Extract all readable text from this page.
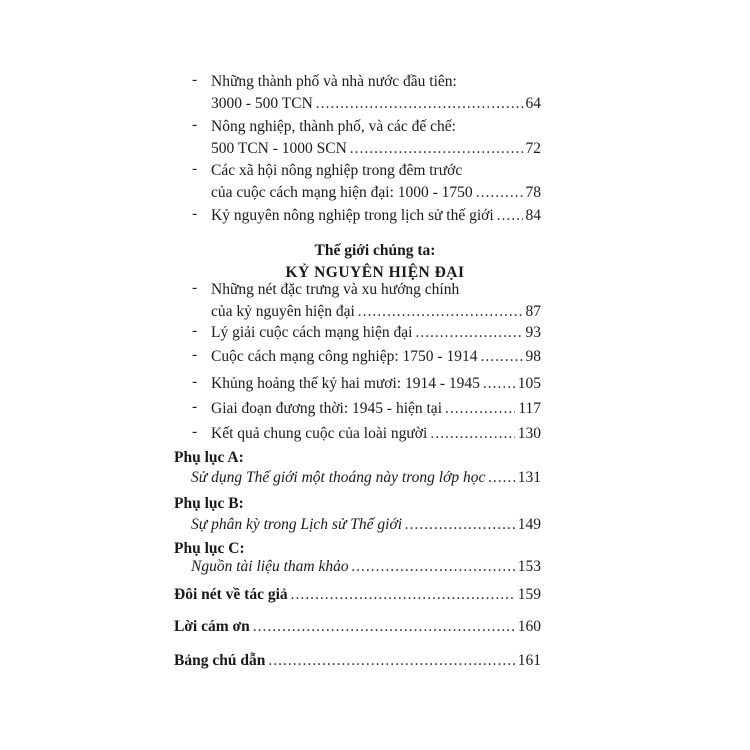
- Những thành phố và nhà nước đầu tiên:
3000 - 500 TCN .....	64
- Nông nghiệp, thành phố, và các đế chế:
500 TCN - 1000 SCN .....	72
- Các xã hội nông nghiệp trong đêm trước
của cuộc cách mạng hiện đại: 1000 - 1750 .....	78
- Kỷ nguyên nông nghiệp trong lịch sử thế giới ..... 84
Thế giới chúng ta:
KỶ NGUYÊN HIỆN ĐẠI
- Những nét đặc trưng và xu hướng chính
của kỷ nguyên hiện đại .....	87
- Lý giải cuộc cách mạng hiện đại .....	93
- Cuộc cách mạng công nghiệp: 1750 - 1914 .....	98
- Khủng hoảng thế kỷ hai mươi: 1914 - 1945 ..... 105
- Giai đoạn đương thời: 1945 - hiện tại .....	117
- Kết quả chung cuộc của loài người .....	130
Phụ lục A:
Sử dụng Thế giới một thoáng này trong lớp học ..... 131
Phụ lục B:
Sự phân kỳ trong Lịch sử Thế giới .....	149
Phụ lục C:
Nguồn tài liệu tham khảo .....	153
Đôi nét về tác giả .....	159
Lời cám ơn .....	160
Bảng chú dẫn .....	161
